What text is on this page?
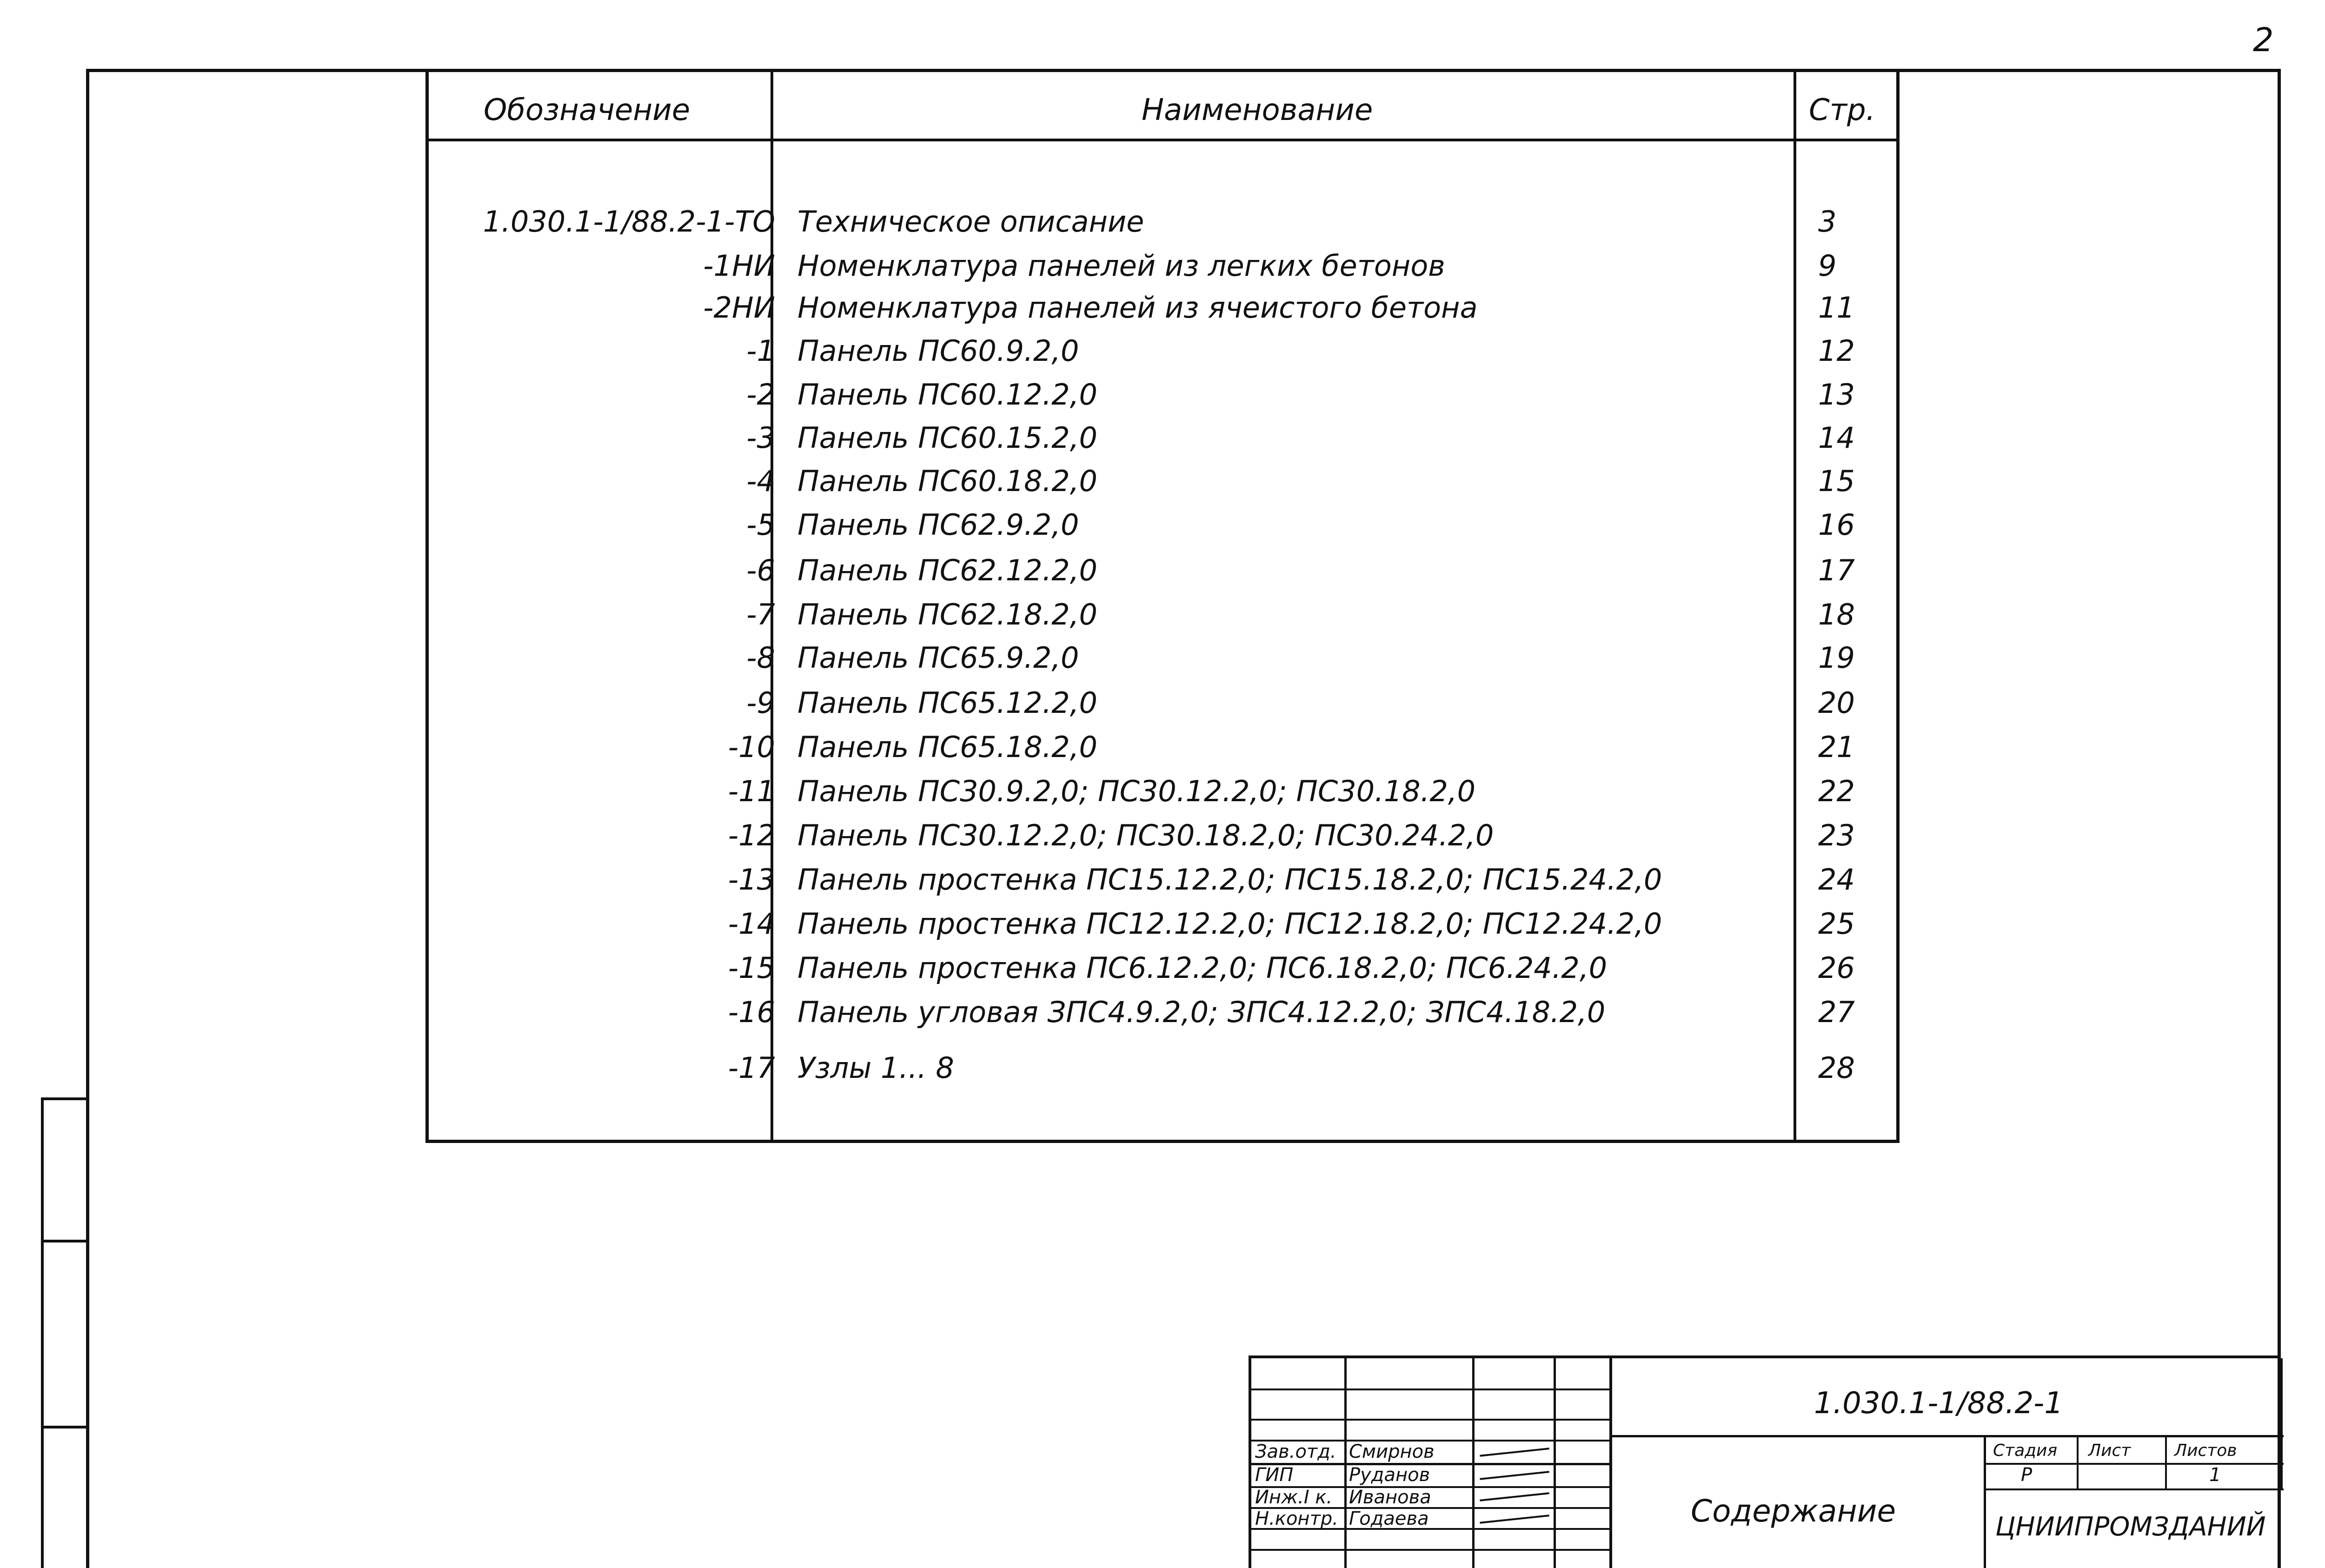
2
Обозначение	Наименование	Стр.
1.030.1-1/88.2-1-ТО Техническое описание	3
-1НИ Номенклатура панелей из легких бетонов	9
-2НИ Номенклатура панелей из ячеистого бетона	11
-1 Панель ПС60.9.2,0	12
-2 Панель ПС60.12.2,0	13
-3 Панель ПС60.15.2,0	14
-4 Панель ПС60.18.2,0	15
-5 Панель ПС62.9.2,0	16
-6 Панель ПС62.12.2,0	17
-7 Панель ПС62.18.2,0	18
-8 Панель ПС65.9.2,0	19
-9 Панель ПС65.12.2,0	20
-10 Панель ПС65.18.2,0	21
-11 Панель ПС30.9.2,0; ПС30.12.2,0; ПС30.18.2,0	22
-12 Панель ПС30.12.2,0; ПС30.18.2,0; ПС30.24.2,0	23
-13 Панель простенка ПС15.12.2,0; ПС15.18.2,0; ПС15.24.2,0	24
-14 Панель простенка ПС12.12.2,0; ПС12.18.2,0; ПС12.24.2,0	25
-15 Панель простенка ПС6.12.2,0; ПС6.18.2,0; ПС6.24.2,0	26
-16 Панель угловая ЗПС4.9.2,0; ЗПС4.12.2,0; ЗПС4.18.2,0	27
-17 Узлы 1... 8	28
Зав.отд. Смирнов
ГИП	Руданов
Инж.I к. Иванова
Н.контр. Годаева
1.030.1-1/88.2-1
Содержание
Стадия Лист	Листов
Р	1
ЦНИИПРОМЗДАНИЙ
